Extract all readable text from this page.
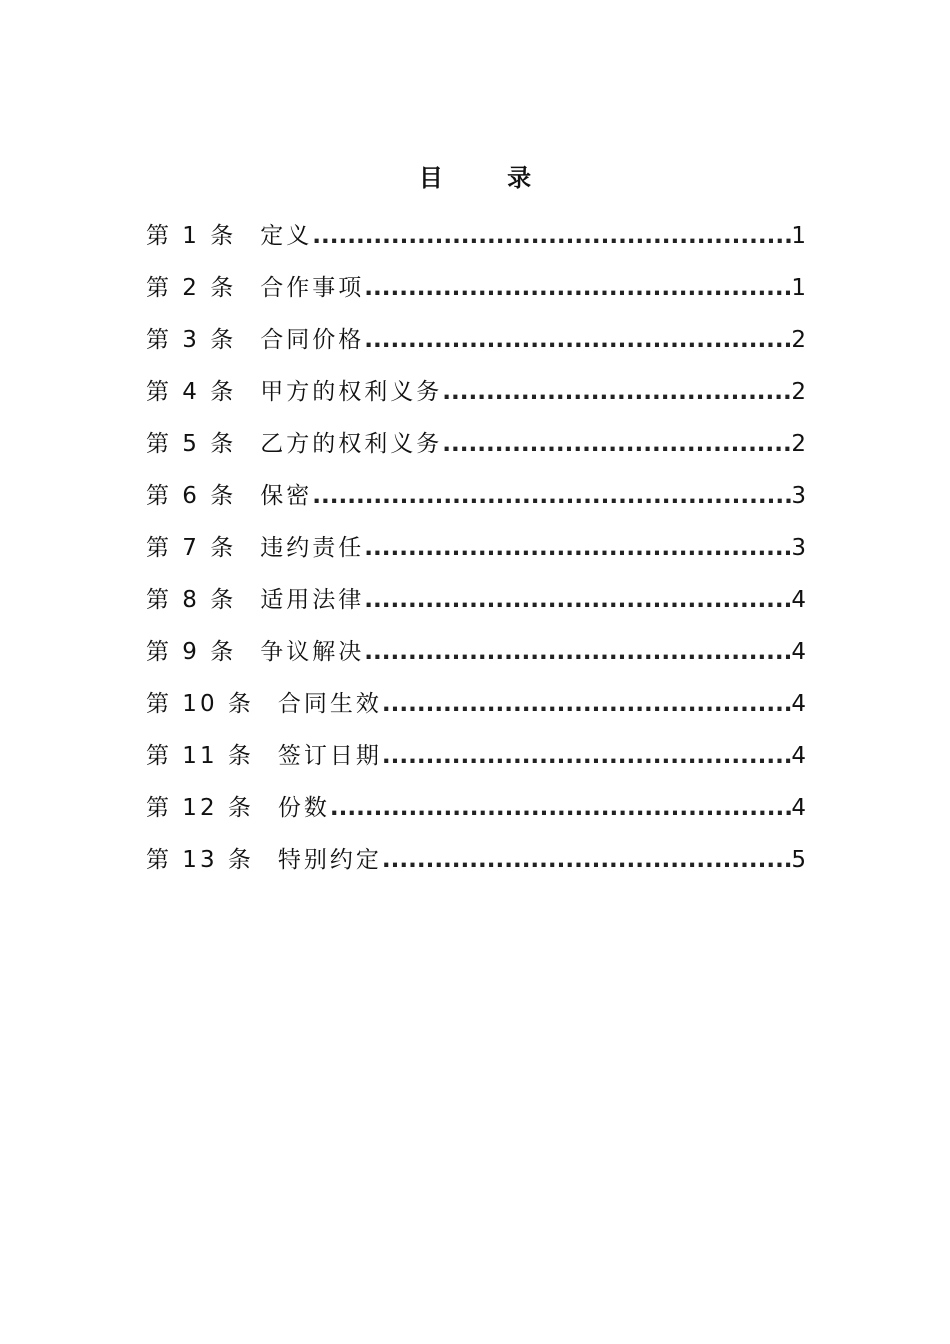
目 录
第 1 条 定义 .....	1
第 2 条 合作事项 .....	1
第 3 条 合同价格 .....	2
第 4 条 甲方的权利义务 .....	2
第 5 条 乙方的权利义务 .....	2
第 6 条 保密 .....	3
第 7 条 违约责任 .....	3
第 8 条 适用法律 .....	4
第 9 条 争议解决 .....	4
第 10 条 合同生效 .....	4
第 11 条 签订日期 .....	4
第 12 条 份数 .....	4
第 13 条 特别约定 .....	5
